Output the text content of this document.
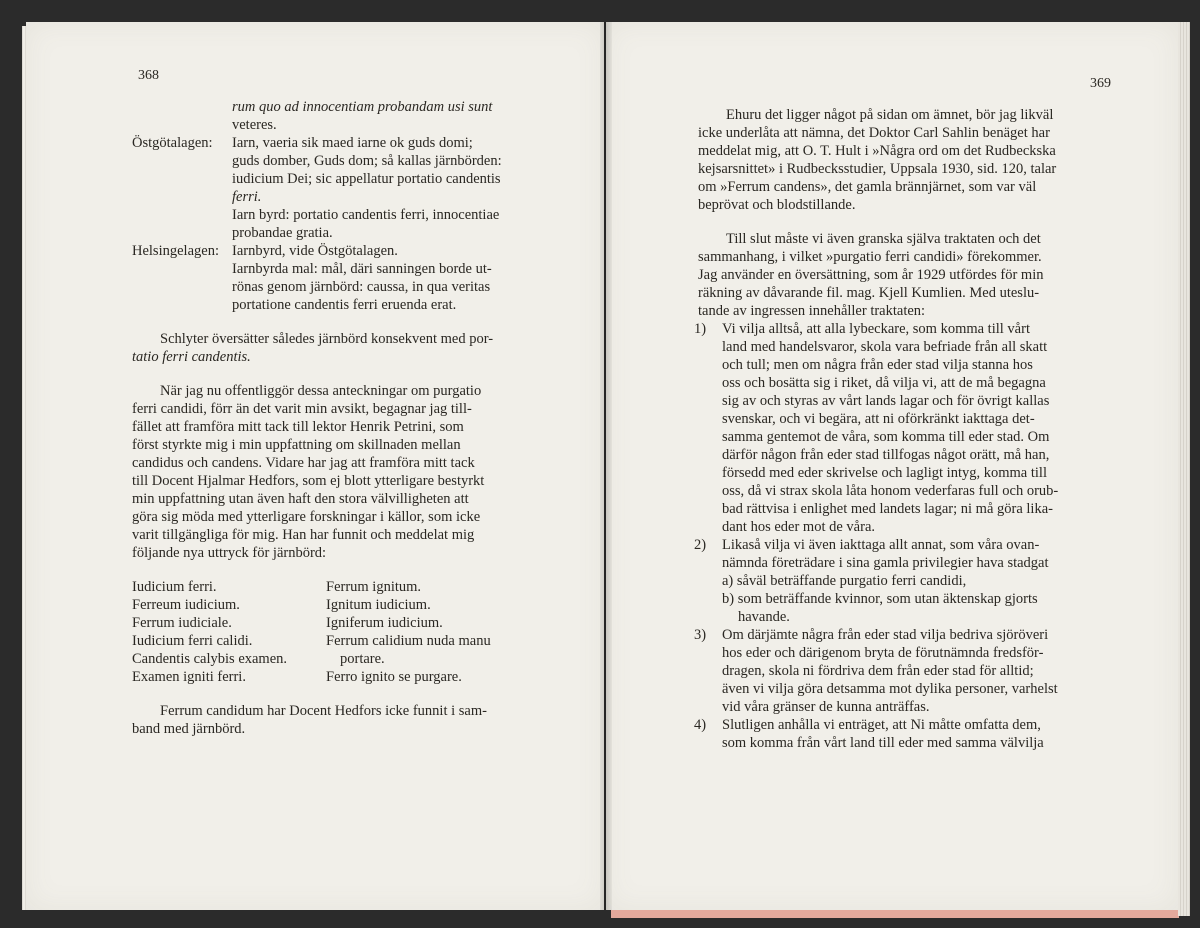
368
rum quo ad innocentiam probandam usi sunt
veteres.
Östgötalagen: Iarn, vaeria sik maed iarne ok guds domi;
guds domber, Guds dom; så kallas järnbörden:
iudicium Dei; sic appellatur portatio candentis
ferri.
Iarn byrd: portatio candentis ferri, innocentiae
probandae gratia.
Helsingelagen: Iarnbyrd, vide Östgötalagen.
Iarnbyrda mal: mål, däri sanningen borde ut-
rönas genom järnbörd: caussa, in qua veritas
portatione candentis ferri eruenda erat.
Schlyter översätter således järnbörd konsekvent med por-
tatio ferri candentis.
När jag nu offentliggör dessa anteckningar om purgatio
ferri candidi, förr än det varit min avsikt, begagnar jag till-
fället att framföra mitt tack till lektor Henrik Petrini, som
först styrkte mig i min uppfattning om skillnaden mellan
candidus och candens. Vidare har jag att framföra mitt tack
till Docent Hjalmar Hedfors, som ej blott ytterligare bestyrkt
min uppfattning utan även haft den stora välvilligheten att
göra sig möda med ytterligare forskningar i källor, som icke
varit tillgängliga för mig. Han har funnit och meddelat mig
följande nya uttryck för järnbörd:
Iudicium ferri.
Ferreum iudicium.
Ferrum iudiciale.
Iudicium ferri calidi.
Candentis calybis examen.
Examen igniti ferri.
Ferrum ignitum.
Ignitum iudicium.
Igniferum iudicium.
Ferrum calidium nuda manu
portare.
Ferro ignito se purgare.
Ferrum candidum har Docent Hedfors icke funnit i sam-
band med järnbörd.
369
Ehuru det ligger något på sidan om ämnet, bör jag likväl
icke underlåta att nämna, det Doktor Carl Sahlin benäget har
meddelat mig, att O. T. Hult i »Några ord om det Rudbeckska
kejsarsnittet» i Rudbecksstudier, Uppsala 1930, sid. 120, talar
om »Ferrum candens», det gamla brännjärnet, som var väl
beprövat och blodstillande.
Till slut måste vi även granska själva traktaten och det
sammanhang, i vilket »purgatio ferri candidi» förekommer.
Jag använder en översättning, som år 1929 utfördes för min
räkning av dåvarande fil. mag. Kjell Kumlien. Med uteslu-
tande av ingressen innehåller traktaten:
1) Vi vilja alltså, att alla lybeckare, som komma till vårt
land med handelsvaror, skola vara befriade från all skatt
och tull; men om några från eder stad vilja stanna hos
oss och bosätta sig i riket, då vilja vi, att de må begagna
sig av och styras av vårt lands lagar och för övrigt kallas
svenskar, och vi begära, att ni oförkränkt iakttaga det-
samma gentemot de våra, som komma till eder stad. Om
därför någon från eder stad tillfogas något orätt, må han,
försedd med eder skrivelse och lagligt intyg, komma till
oss, då vi strax skola låta honom vederfaras full och orub-
bad rättvisa i enlighet med landets lagar; ni må göra lika-
dant hos eder mot de våra.
2) Likaså vilja vi även iakttaga allt annat, som våra ovan-
nämnda företrädare i sina gamla privilegier hava stadgat
a) såväl beträffande purgatio ferri candidi,
b) som beträffande kvinnor, som utan äktenskap gjorts
havande.
3) Om därjämte några från eder stad vilja bedriva sjöröveri
hos eder och därigenom bryta de förutnämnda fredsför-
dragen, skola ni fördriva dem från eder stad för alltid;
även vi vilja göra detsamma mot dylika personer, varhelst
vid våra gränser de kunna anträffas.
4) Slutligen anhålla vi enträget, att Ni måtte omfatta dem,
som komma från vårt land till eder med samma välvilja
